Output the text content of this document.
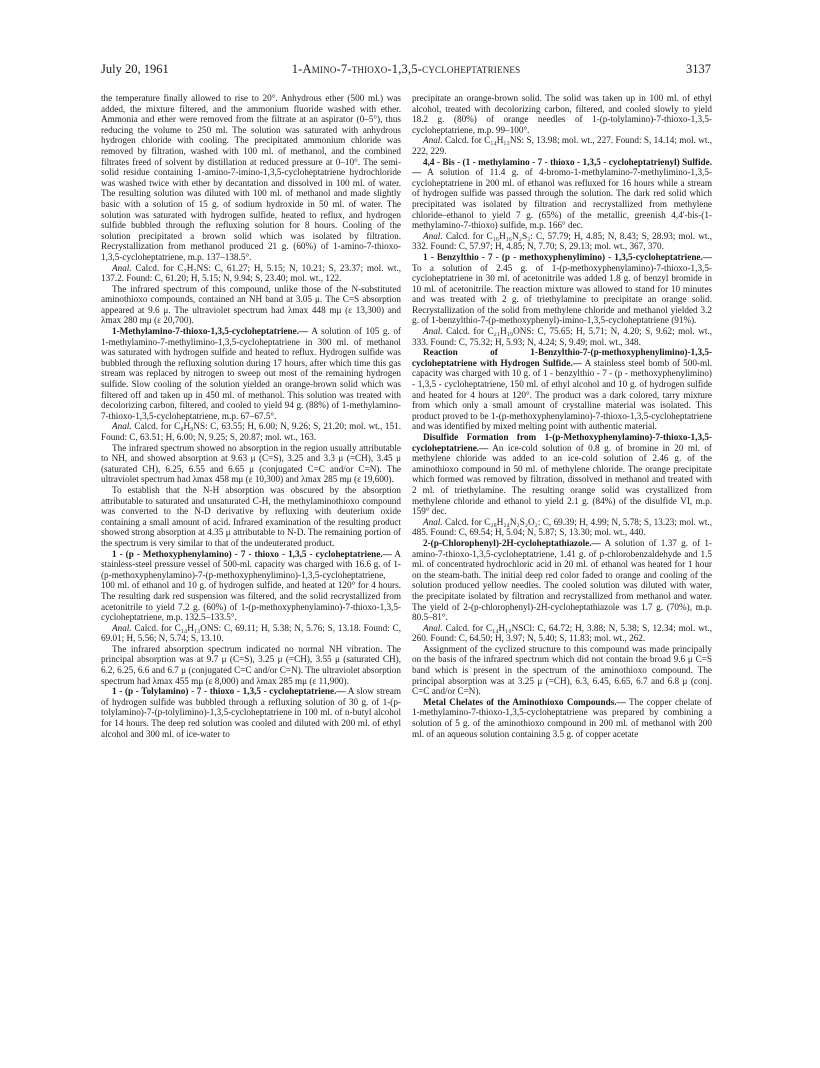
July 20, 1961	1-Amino-7-thioxo-1,3,5-cycloheptatrienes	3137

the temperature finally allowed to rise to 20°. Anhydrous ether (500 ml.) was added, the mixture filtered, and the ammonium fluoride washed with ether. Ammonia and ether were removed from the filtrate at an aspirator (0–5°), thus reducing the volume to 250 ml. The solution was saturated with anhydrous hydrogen chloride with cooling. The precipitated ammonium chloride was removed by filtration, washed with 100 ml. of methanol, and the combined filtrates freed of solvent by distillation at reduced pressure at 0–10°. The semi-solid residue containing 1-amino-7-imino-1,3,5-cycloheptatriene hydrochloride was washed twice with ether by decantation and dissolved in 100 ml. of water. The resulting solution was diluted with 100 ml. of methanol and made slightly basic with a solution of 15 g. of sodium hydroxide in 50 ml. of water. The solution was saturated with hydrogen sulfide, heated to reflux, and hydrogen sulfide bubbled through the refluxing solution for 8 hours. Cooling of the solution precipitated a brown solid which was isolated by filtration. Recrystallization from methanol produced 21 g. (60%) of 1-amino-7-thioxo-1,3,5-cycloheptatriene, m.p. 137–138.5°.

Anal. Calcd. for C₇H₇NS: C, 61.27; H, 5.15; N, 10.21; S, 23.37; mol. wt., 137.2. Found: C, 61.20; H, 5.15; N, 9.94; S, 23.40; mol. wt., 122.

The infrared spectrum of this compound, unlike those of the N-substituted aminothioxo compounds, contained an NH band at 3.05 μ. The C=S absorption appeared at 9.6 μ. The ultraviolet spectrum had λmax 448 mμ (ε 13,300) and λmax 280 mμ (ε 20,700).

1-Methylamino-7-thioxo-1,3,5-cycloheptatriene.— A solution of 105 g. of 1-methylamino-7-methylimino-1,3,5-cycloheptatriene in 300 ml. of methanol was saturated with hydrogen sulfide and heated to reflux. Hydrogen sulfide was bubbled through the refluxing solution during 17 hours, after which time this gas stream was replaced by nitrogen to sweep out most of the remaining hydrogen sulfide. Slow cooling of the solution yielded an orange-brown solid which was filtered off and taken up in 450 ml. of methanol. This solution was treated with decolorizing carbon, filtered, and cooled to yield 94 g. (88%) of 1-methylamino-7-thioxo-1,3,5-cycloheptatriene, m.p. 67–67.5°.

Anal. Calcd. for C₈H₉NS: C, 63.55; H, 6.00; N, 9.26; S, 21.20; mol. wt., 151. Found: C, 63.51; H, 6.00; N, 9.25; S, 20.87; mol. wt., 163.

The infrared spectrum showed no absorption in the region usually attributable to NH, and showed absorption at 9.63 μ (C=S), 3.25 and 3.3 μ (=CH), 3.45 μ (saturated CH), 6.25, 6.55 and 6.65 μ (conjugated C=C and/or C=N). The ultraviolet spectrum had λmax 458 mμ (ε 10,300) and λmax 285 mμ (ε 19,600).

To establish that the N-H absorption was obscured by the absorption attributable to saturated and unsaturated C-H, the methylaminothioxo compound was converted to the N-D derivative by refluxing with deuterium oxide containing a small amount of acid. Infrared examination of the resulting product showed strong absorption at 4.35 μ attributable to N-D. The remaining portion of the spectrum is very similar to that of the undeuterated product.

1 - (p - Methoxyphenylamino) - 7 - thioxo - 1,3,5 - cycloheptatriene.— A stainless-steel pressure vessel of 500-ml. capacity was charged with 16.6 g. of 1-(p-methoxyphenylamino)-7-(p-methoxyphenylimino)-1,3,5-cycloheptatriene, 100 ml. of ethanol and 10 g. of hydrogen sulfide, and heated at 120° for 4 hours. The resulting dark red suspension was filtered, and the solid recrystallized from acetonitrile to yield 7.2 g. (60%) of 1-(p-methoxyphenylamino)-7-thioxo-1,3,5-cycloheptatriene, m.p. 132.5–133.5°.

Anal. Calcd. for C₁₄H₁₃ONS: C, 69.11; H, 5.38; N, 5.76; S, 13.18. Found: C, 69.01; H, 5.56; N, 5.74; S, 13.10.

The infrared absorption spectrum indicated no normal NH vibration. The principal absorption was at 9.7 μ (C=S), 3.25 μ (=CH), 3.55 μ (saturated CH), 6.2, 6.25, 6.6 and 6.7 μ (conjugated C=C and/or C=N). The ultraviolet absorption spectrum had λmax 455 mμ (ε 8,000) and λmax 285 mμ (ε 11,900).

1 - (p - Tolylamino) - 7 - thioxo - 1,3,5 - cycloheptatriene.— A slow stream of hydrogen sulfide was bubbled through a refluxing solution of 30 g. of 1-(p-tolylamino)-7-(p-tolylimino)-1,3,5-cycloheptatriene in 100 ml. of n-butyl alcohol for 14 hours. The deep red solution was cooled and diluted with 200 ml. of ethyl alcohol and 300 ml. of ice-water to

precipitate an orange-brown solid. The solid was taken up in 100 ml. of ethyl alcohol, treated with decolorizing carbon, filtered, and cooled slowly to yield 18.2 g. (80%) of orange needles of 1-(p-tolylamino)-7-thioxo-1,3,5-cycloheptatriene, m.p. 99–100°.

Anal. Calcd. for C₁₄H₁₃NS: S, 13.98; mol. wt., 227. Found: S, 14.14; mol. wt., 222, 229.

4,4 - Bis - (1 - methylamino - 7 - thioxo - 1,3,5 - cycloheptatrienyl) Sulfide.— A solution of 11.4 g. of 4-bromo-1-methylamino-7-methylimino-1,3,5-cycloheptatriene in 200 ml. of ethanol was refluxed for 16 hours while a stream of hydrogen sulfide was passed through the solution. The dark red solid which precipitated was isolated by filtration and recrystallized from methylene chloride–ethanol to yield 7 g. (65%) of the metallic, greenish 4,4'-bis-(1-methylamino-7-thioxo) sulfide, m.p. 166° dec.

Anal. Calcd. for C₁₆H₁₆N₂S₃: C, 57.79; H, 4.85; N, 8.43; S, 28.93; mol. wt., 332. Found: C, 57.97; H, 4.85; N, 7.70; S, 29.13; mol. wt., 367, 370.

1 - Benzylthio - 7 - (p - methoxyphenylimino) - 1,3,5-cycloheptatriene.— To a solution of 2.45 g. of 1-(p-methoxyphenylamino)-7-thioxo-1,3,5-cycloheptatriene in 30 ml. of acetonitrile was added 1.8 g. of benzyl bromide in 10 ml. of acetonitrile. The reaction mixture was allowed to stand for 10 minutes and was treated with 2 g. of triethylamine to precipitate an orange solid. Recrystallization of the solid from methylene chloride and methanol yielded 3.2 g. of 1-benzylthio-7-(p-methoxyphenyl)-imino-1,3,5-cycloheptatriene (91%).

Anal. Calcd. for C₂₁H₁₉ONS: C, 75.65; H, 5.71; N, 4.20; S, 9.62; mol. wt., 333. Found: C, 75.32; H, 5.93; N, 4.24; S, 9.49; mol. wt., 348.

Reaction of 1-Benzylthio-7-(p-methoxyphenylimino)-1,3,5-cycloheptatriene with Hydrogen Sulfide.— A stainless steel bomb of 500-ml. capacity was charged with 10 g. of 1 - benzylthio - 7 - (p - methoxyphenylimino) - 1,3,5 - cycloheptatriene, 150 ml. of ethyl alcohol and 10 g. of hydrogen sulfide and heated for 4 hours at 120°. The product was a dark colored, tarry mixture from which only a small amount of crystalline material was isolated. This product proved to be 1-(p-methoxyphenylamino)-7-thioxo-1,3,5-cycloheptatriene and was identified by mixed melting point with authentic material.

Disulfide Formation from 1-(p-Methoxyphenylamino)-7-thioxo-1,3,5-cycloheptatriene.— An ice-cold solution of 0.8 g. of bromine in 20 ml. of methylene chloride was added to an ice-cold solution of 2.46 g. of the aminothioxo compound in 50 ml. of methylene chloride. The orange precipitate which formed was removed by filtration, dissolved in methanol and treated with 2 ml. of triethylamine. The resulting orange solid was crystallized from methylene chloride and ethanol to yield 2.1 g. (84%) of the disulfide VI, m.p. 159° dec.

Anal. Calcd. for C₂₈H₂₄N₂S₂O₂: C, 69.39; H, 4.99; N, 5.78; S, 13.23; mol. wt., 485. Found: C, 69.54; H, 5.04; N, 5.87; S, 13.30; mol. wt., 440.

2-(p-Chlorophenyl)-2H-cycloheptathiazole.— A solution of 1.37 g. of 1-amino-7-thioxo-1,3,5-cycloheptatriene, 1.41 g. of p-chlorobenzaldehyde and 1.5 ml. of concentrated hydrochloric acid in 20 ml. of ethanol was heated for 1 hour on the steam-bath. The initial deep red color faded to orange and cooling of the solution produced yellow needles. The cooled solution was diluted with water, the precipitate isolated by filtration and recrystallized from methanol and water. The yield of 2-(p-chlorophenyl)-2H-cycloheptathiazole was 1.7 g. (70%), m.p. 80.5–81°.

Anal. Calcd. for C₁₄H₁₀NSCl: C, 64.72; H, 3.88; N, 5.38; S, 12.34; mol. wt., 260. Found: C, 64.50; H, 3.97; N, 5.40; S, 11.83; mol. wt., 262.

Assignment of the cyclized structure to this compound was made principally on the basis of the infrared spectrum which did not contain the broad 9.6 μ C=S band which is present in the spectrum of the aminothioxo compound. The principal absorption was at 3.25 μ (=CH), 6.3, 6.45, 6.65, 6.7 and 6.8 μ (conj. C=C and/or C=N).

Metal Chelates of the Aminothioxo Compounds.— The copper chelate of 1-methylamino-7-thioxo-1,3,5-cycloheptatriene was prepared by combining a solution of 5 g. of the aminothioxo compound in 200 ml. of methanol with 200 ml. of an aqueous solution containing 3.5 g. of copper acetate
